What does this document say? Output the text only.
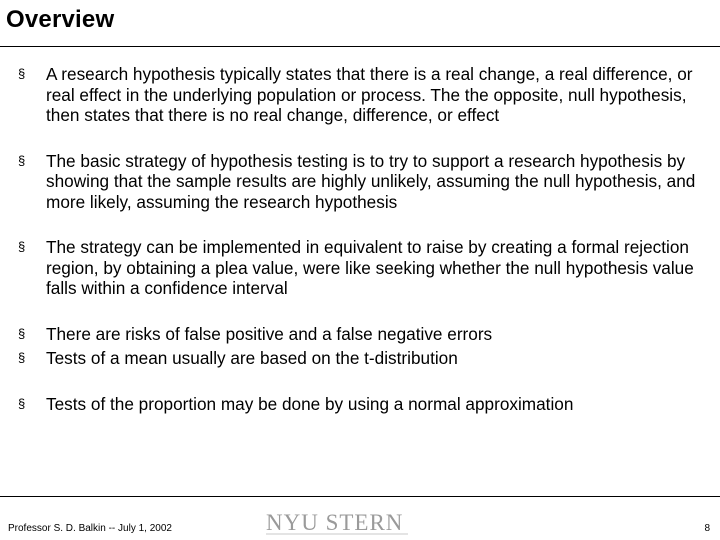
Overview
§ A research hypothesis typically states that there is a real change, a real difference, or real effect in the underlying population or process. The the opposite, null hypothesis, then states that there is no real change, difference, or effect
§ The basic strategy of hypothesis testing is to try to support a research hypothesis by showing that the sample results are highly unlikely, assuming the null hypothesis, and more likely, assuming the research hypothesis
§ The strategy can be implemented in equivalent to raise by creating a formal rejection region, by obtaining a plea value, were like seeking whether the null hypothesis value falls within a confidence interval
§ There are risks of false positive and a false negative errors
§ Tests of a mean usually are based on the t-distribution
§ Tests of the proportion may be done by using a normal approximation
Professor S. D. Balkin -- July 1, 2002	NYU STERN	8
